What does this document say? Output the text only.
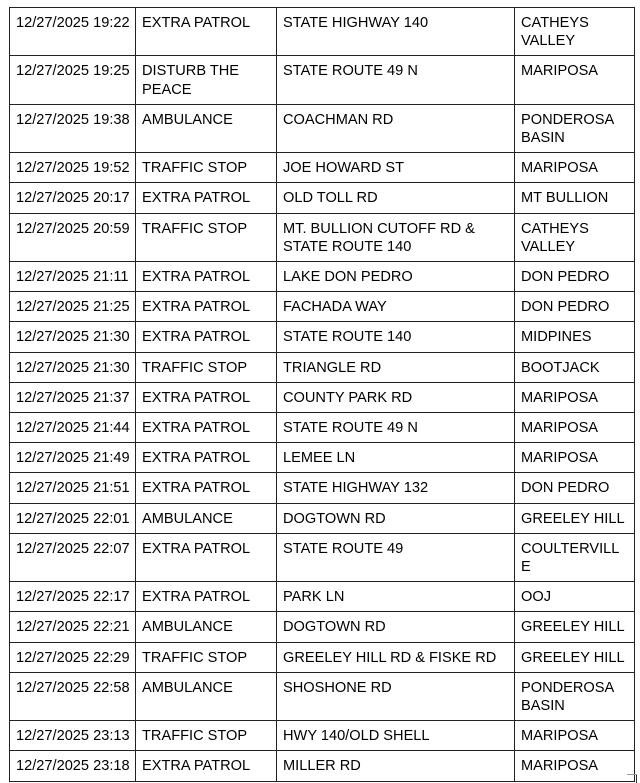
12/27/2025 19:22	EXTRA PATROL	STATE HIGHWAY 140	CATHEYS VALLEY
12/27/2025 19:25	DISTURB THE PEACE	STATE ROUTE 49 N	MARIPOSA
12/27/2025 19:38	AMBULANCE	COACHMAN RD	PONDEROSA BASIN
12/27/2025 19:52	TRAFFIC STOP	JOE HOWARD ST	MARIPOSA
12/27/2025 20:17	EXTRA PATROL	OLD TOLL RD	MT BULLION
12/27/2025 20:59	TRAFFIC STOP	MT. BULLION CUTOFF RD & STATE ROUTE 140	CATHEYS VALLEY
12/27/2025 21:11	EXTRA PATROL	LAKE DON PEDRO	DON PEDRO
12/27/2025 21:25	EXTRA PATROL	FACHADA WAY	DON PEDRO
12/27/2025 21:30	EXTRA PATROL	STATE ROUTE 140	MIDPINES
12/27/2025 21:30	TRAFFIC STOP	TRIANGLE RD	BOOTJACK
12/27/2025 21:37	EXTRA PATROL	COUNTY PARK RD	MARIPOSA
12/27/2025 21:44	EXTRA PATROL	STATE ROUTE 49 N	MARIPOSA
12/27/2025 21:49	EXTRA PATROL	LEMEE LN	MARIPOSA
12/27/2025 21:51	EXTRA PATROL	STATE HIGHWAY 132	DON PEDRO
12/27/2025 22:01	AMBULANCE	DOGTOWN RD	GREELEY HILL
12/27/2025 22:07	EXTRA PATROL	STATE ROUTE 49	COULTERVILLE
12/27/2025 22:17	EXTRA PATROL	PARK LN	OOJ
12/27/2025 22:21	AMBULANCE	DOGTOWN RD	GREELEY HILL
12/27/2025 22:29	TRAFFIC STOP	GREELEY HILL RD & FISKE RD	GREELEY HILL
12/27/2025 22:58	AMBULANCE	SHOSHONE RD	PONDEROSA BASIN
12/27/2025 23:13	TRAFFIC STOP	HWY 140/OLD SHELL	MARIPOSA
12/27/2025 23:18	EXTRA PATROL	MILLER RD	MARIPOSA
